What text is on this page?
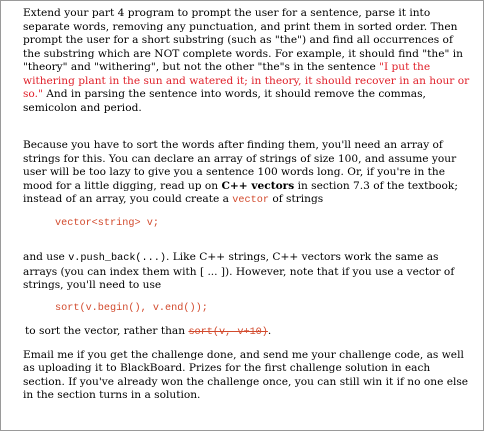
Extend your part 4 program to prompt the user for a sentence, parse it into separate words, removing any punctuation, and print them in sorted order. Then prompt the user for a short substring (such as "the") and find all occurrences of the substring which are NOT complete words. For example, it should find "the" in "theory" and "withering", but not the other "the"s in the sentence "I put the withering plant in the sun and watered it; in theory, it should recover in an hour or so." And in parsing the sentence into words, it should remove the commas, semicolon and period.

Because you have to sort the words after finding them, you'll need an array of strings for this. You can declare an array of strings of size 100, and assume your user will be too lazy to give you a sentence 100 words long. Or, if you're in the mood for a little digging, read up on C++ vectors in section 7.3 of the textbook; instead of an array, you could create a vector of strings

vector<string> v;

and use v.push_back(...). Like C++ strings, C++ vectors work the same as arrays (you can index them with [ ... ]). However, note that if you use a vector of strings, you'll need to use

sort(v.begin(), v.end());

to sort the vector, rather than sort(v, v+10).

Email me if you get the challenge done, and send me your challenge code, as well as uploading it to BlackBoard. Prizes for the first challenge solution in each section. If you've already won the challenge once, you can still win it if no one else in the section turns in a solution.
